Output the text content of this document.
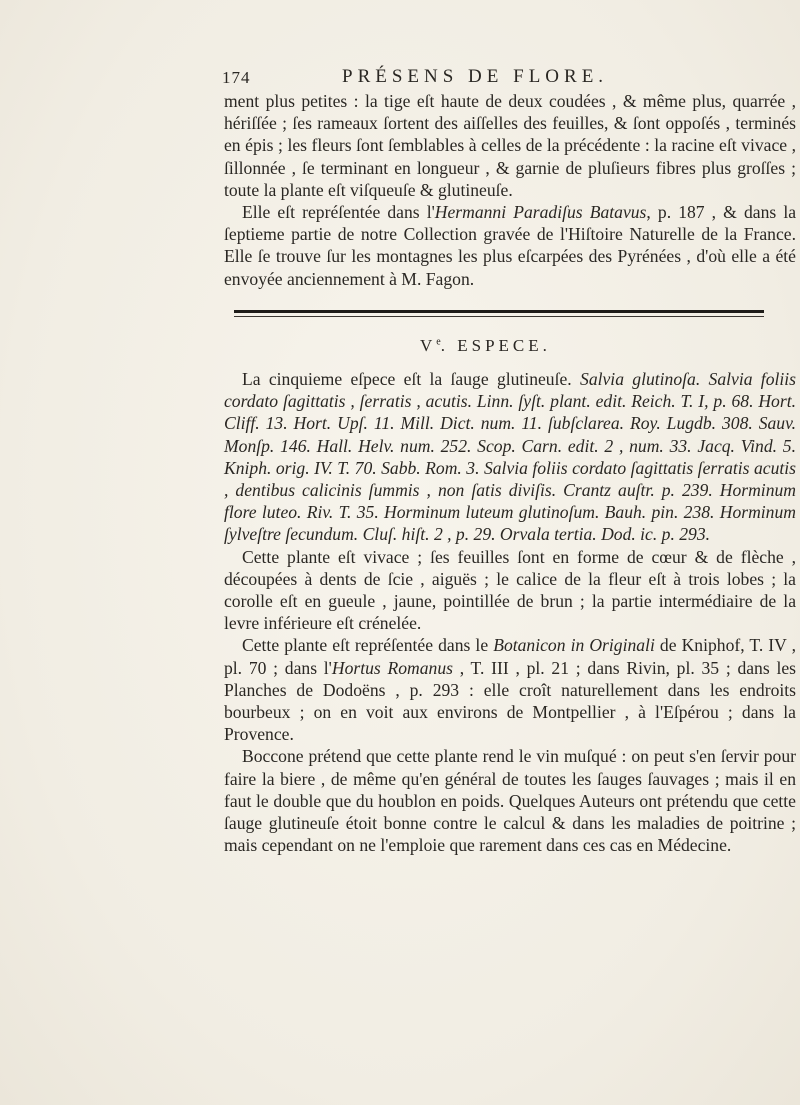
174	PRÉSENS DE FLORE.

ment plus petites : la tige eſt haute de deux coudées , & même plus, quarrée , hériſſée ; ſes rameaux ſortent des aiſſelles des feuilles, & ſont oppoſés , terminés en épis ; les fleurs ſont ſemblables à celles de la précédente : la racine eſt vivace , ſillonnée , ſe terminant en longueur , & garnie de pluſieurs fibres plus groſſes ; toute la plante eſt viſqueuſe & glutineuſe.

Elle eſt repréſentée dans l'Hermanni Paradiſus Batavus, p. 187 , & dans la ſeptieme partie de notre Collection gravée de l'Hiſtoire Naturelle de la France. Elle ſe trouve ſur les montagnes les plus eſcarpées des Pyrénées , d'où elle a été envoyée anciennement à M. Fagon.

Ve. ESPECE.

La cinquieme eſpece eſt la ſauge glutineuſe. Salvia glutinoſa. Salvia foliis cordato ſagittatis , ſerratis , acutis. Linn. ſyſt. plant. edit. Reich. T. I, p. 68. Hort. Cliff. 13. Hort. Upſ. 11. Mill. Dict. num. 11. ſubſclarea. Roy. Lugdb. 308. Sauv. Monſp. 146. Hall. Helv. num. 252. Scop. Carn. edit. 2 , num. 33. Jacq. Vind. 5. Kniph. orig. IV. T. 70. Sabb. Rom. 3. Salvia foliis cordato ſagittatis ſerratis acutis , dentibus calicinis ſummis , non ſatis diviſis. Crantz auſtr. p. 239. Horminum flore luteo. Riv. T. 35. Horminum luteum glutinoſum. Bauh. pin. 238. Horminum ſylveſtre ſecundum. Cluſ. hiſt. 2 , p. 29. Orvala tertia. Dod. ic. p. 293.

Cette plante eſt vivace ; ſes feuilles ſont en forme de cœur & de flèche , découpées à dents de ſcie , aiguës ; le calice de la fleur eſt à trois lobes ; la corolle eſt en gueule , jaune, pointillée de brun ; la partie intermédiaire de la levre inférieure eſt crénelée.

Cette plante eſt repréſentée dans le Botanicon in Originali de Kniphof, T. IV , pl. 70 ; dans l'Hortus Romanus , T. III , pl. 21 ; dans Rivin, pl. 35 ; dans les Planches de Dodoëns , p. 293 : elle croît naturellement dans les endroits bourbeux ; on en voit aux environs de Montpellier , à l'Eſpérou ; dans la Provence.

Boccone prétend que cette plante rend le vin muſqué : on peut s'en ſervir pour faire la biere , de même qu'en général de toutes les ſauges ſauvages ; mais il en faut le double que du houblon en poids. Quelques Auteurs ont prétendu que cette ſauge glutineuſe étoit bonne contre le calcul & dans les maladies de poitrine ; mais cependant on ne l'emploie que rarement dans ces cas en Médecine.
